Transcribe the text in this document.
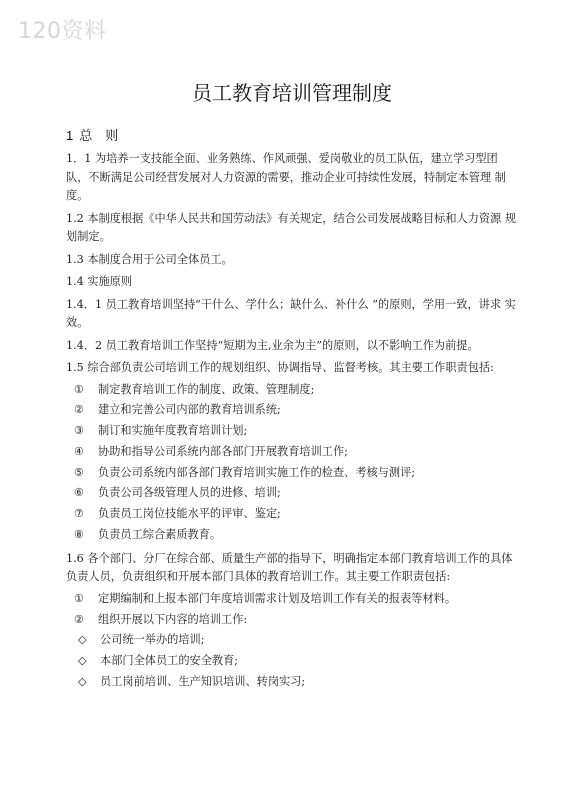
120资料
员工教育培训管理制度
1 总　则

1．1 为培养一支技能全面、业务熟练、作风顽强、爱岗敬业的员工队伍，建立学习型团 队，不断满足公司经营发展对人力资源的需要，推动企业可持续性发展，特制定本管理 制度。

1.2 本制度根据《中华人民共和国劳动法》有关规定，结合公司发展战略目标和人力资源 规划制定。

1.3 本制度合用于公司全体员工。

1.4 实施原则

1.4．1 员工教育培训坚持“干什么、学什么；缺什么、补什么 ”的原则，学用一致，讲求 实效。

1.4．2 员工教育培训工作坚持“短期为主,业余为主”的原则，以不影响工作为前提。

1.5 综合部负责公司培训工作的规划组织、协调指导、监督考核。其主要工作职责包括:

①	制定教育培训工作的制度、政策、管理制度;
②	建立和完善公司内部的教育培训系统;
③	制订和实施年度教育培训计划;
④	协助和指导公司系统内部各部门开展教育培训工作;
⑤	负责公司系统内部各部门教育培训实施工作的检查、考核与测评;
⑥	负责公司各级管理人员的进修、培训;
⑦	负责员工岗位技能水平的评审、鉴定;
⑧	负责员工综合素质教育。

1.6 各个部门、分厂在综合部、质量生产部的指导下，明确指定本部门教育培训工作的具体负责人员，负责组织和开展本部门具体的教育培训工作。其主要工作职责包括:

①	定期编制和上报本部门年度培训需求计划及培训工作有关的报表等材料。
②	组织开展以下内容的培训工作:
◇	公司统一举办的培训;
◇	本部门全体员工的安全教育;
◇	员工岗前培训、生产知识培训、转岗实习;
